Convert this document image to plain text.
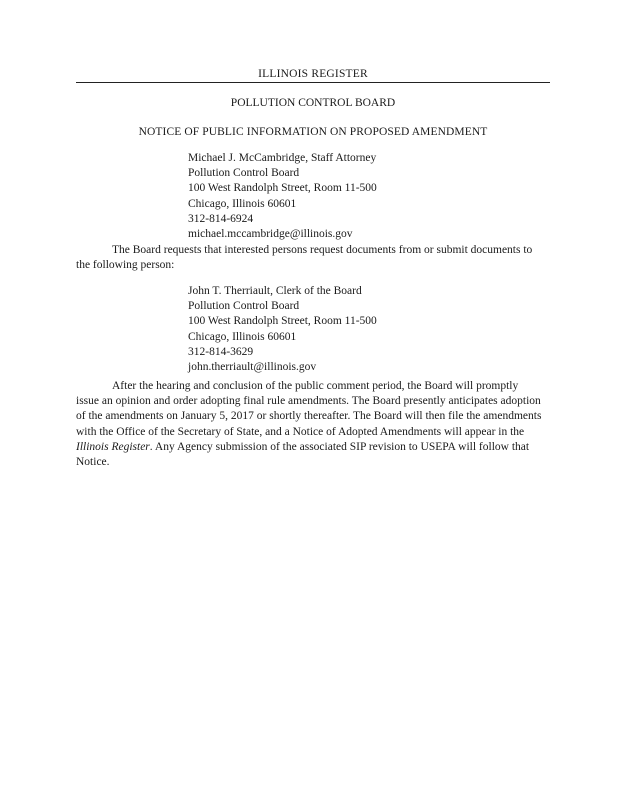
ILLINOIS REGISTER
POLLUTION CONTROL BOARD
NOTICE OF PUBLIC INFORMATION ON PROPOSED AMENDMENT
Michael J. McCambridge, Staff Attorney
Pollution Control Board
100 West Randolph Street, Room 11-500
Chicago, Illinois 60601
312-814-6924
michael.mccambridge@illinois.gov
The Board requests that interested persons request documents from or submit documents to the following person:
John T. Therriault, Clerk of the Board
Pollution Control Board
100 West Randolph Street, Room 11-500
Chicago, Illinois 60601
312-814-3629
john.therriault@illinois.gov
After the hearing and conclusion of the public comment period, the Board will promptly issue an opinion and order adopting final rule amendments. The Board presently anticipates adoption of the amendments on January 5, 2017 or shortly thereafter. The Board will then file the amendments with the Office of the Secretary of State, and a Notice of Adopted Amendments will appear in the Illinois Register. Any Agency submission of the associated SIP revision to USEPA will follow that Notice.
